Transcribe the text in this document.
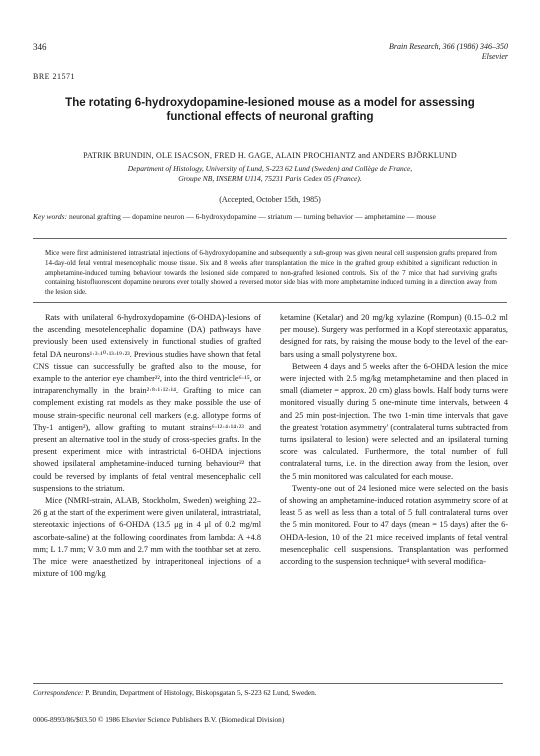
346	Brain Research, 366 (1986) 346–350
Elsevier
BRE 21571
The rotating 6-hydroxydopamine-lesioned mouse as a model for assessing functional effects of neuronal grafting
PATRIK BRUNDIN, OLE ISACSON, FRED H. GAGE, ALAIN PROCHIANTZ and ANDERS BJÖRKLUND
Department of Histology, University of Lund, S-223 62 Lund (Sweden) and Collège de France,
Groupe NB, INSERM U114, 75231 Paris Cedex 05 (France).
(Accepted, October 15th, 1985)
Key words: neuronal grafting — dopamine neuron — 6-hydroxydopamine — striatum — turning behavior — amphetamine — mouse
Mice were first administered intrastriatal injections of 6-hydroxydopamine and subsequently a sub-group was given neural cell suspension grafts prepared from 14-day-old fetal ventral mesencephalic mouse tissue. Six and 8 weeks after transplantation the mice in the grafted group exhibited a significant reduction in amphetamine-induced turning behaviour towards the lesioned side compared to non-grafted lesioned controls. Six of the 7 mice that had surviving grafts containing histofluorescent dopamine neurons ever totally showed a reversed motor side bias with more amphetamine induced turning in a direction away from the lesion side.

Rats with unilateral 6-hydroxydopamine (6-OHDA)-lesions of the ascending mesotelencephalic dopamine (DA) pathways have previously been used extensively in functional studies of grafted fetal DA neurons¹·³·¹⁰·¹³·¹⁹·²³. Previous studies have shown that fetal CNS tissue can successfully be grafted also to the mouse, for example to the anterior eye chamber²², into the third ventricle⁶·¹⁵, or intraparenchymally in the brain²·⁸·¹·¹²·¹⁴. Grafting to mice can complement existing rat models as they make possible the use of mouse strain-specific neuronal cell markers (e.g. allotype forms of Thy-1 antigen²), allow grafting to mutant strains⁶·¹²·⁴·¹⁴·²³ and present an alternative tool in the study of cross-species grafts. In the present experiment mice with intrastrictal 6-OHDA injections showed ipsilateral amphetamine-induced turning behaviour²² that could be reversed by implants of fetal ventral mesencephalic cell suspensions to the striatum.

Mice (NMRI-strain, ALAB, Stockholm, Sweden) weighing 22–26 g at the start of the experiment were given unilateral, intrastriatal, stereotaxic injections of 6-OHDA (13.5 μg in 4 μl of 0.2 mg/ml ascorbate-saline) at the following coordinates from lambda: A +4.8 mm; L 1.7 mm; V 3.0 mm and 2.7 mm with the toothbar set at zero. The mice were anaesthetized by intraperitoneal injections of a mixture of 100 mg/kg

ketamine (Ketalar) and 20 mg/kg xylazine (Rompun) (0.15–0.2 ml per mouse). Surgery was performed in a Kopf stereotaxic apparatus, designed for rats, by raising the mouse body to the level of the ear-bars using a small polystyrene box.

Between 4 days and 5 weeks after the 6-OHDA lesion the mice were injected with 2.5 mg/kg metamphetamine and then placed in small (diameter = approx. 20 cm) glass bowls. Half body turns were monitored visually during 5 one-minute time intervals, between 4 and 25 min post-injection. The two 1-min time intervals that gave the greatest 'rotation asymmetry' (contralateral turns subtracted from turns ipsilateral to lesion) were selected and an ipsilateral turning score was calculated. Furthermore, the total number of full contralateral turns, i.e. in the direction away from the lesion, over the 5 min monitored was calculated for each mouse.

Twenty-one out of 24 lesioned mice were selected on the basis of showing an amphetamine-induced rotation asymmetry score of at least 5 as well as less than a total of 5 full contralateral turns over the 5 min monitored. Four to 47 days (mean = 15 days) after the 6-OHDA-lesion, 10 of the 21 mice received implants of fetal ventral mesencephalic cell suspensions. Transplantation was performed according to the suspension technique⁴ with several modifica-

Correspondence: P. Brundin, Department of Histology, Biskopsgatan 5, S-223 62 Lund, Sweden.
0006-8993/86/$03.50 © 1986 Elsevier Science Publishers B.V. (Biomedical Division)
